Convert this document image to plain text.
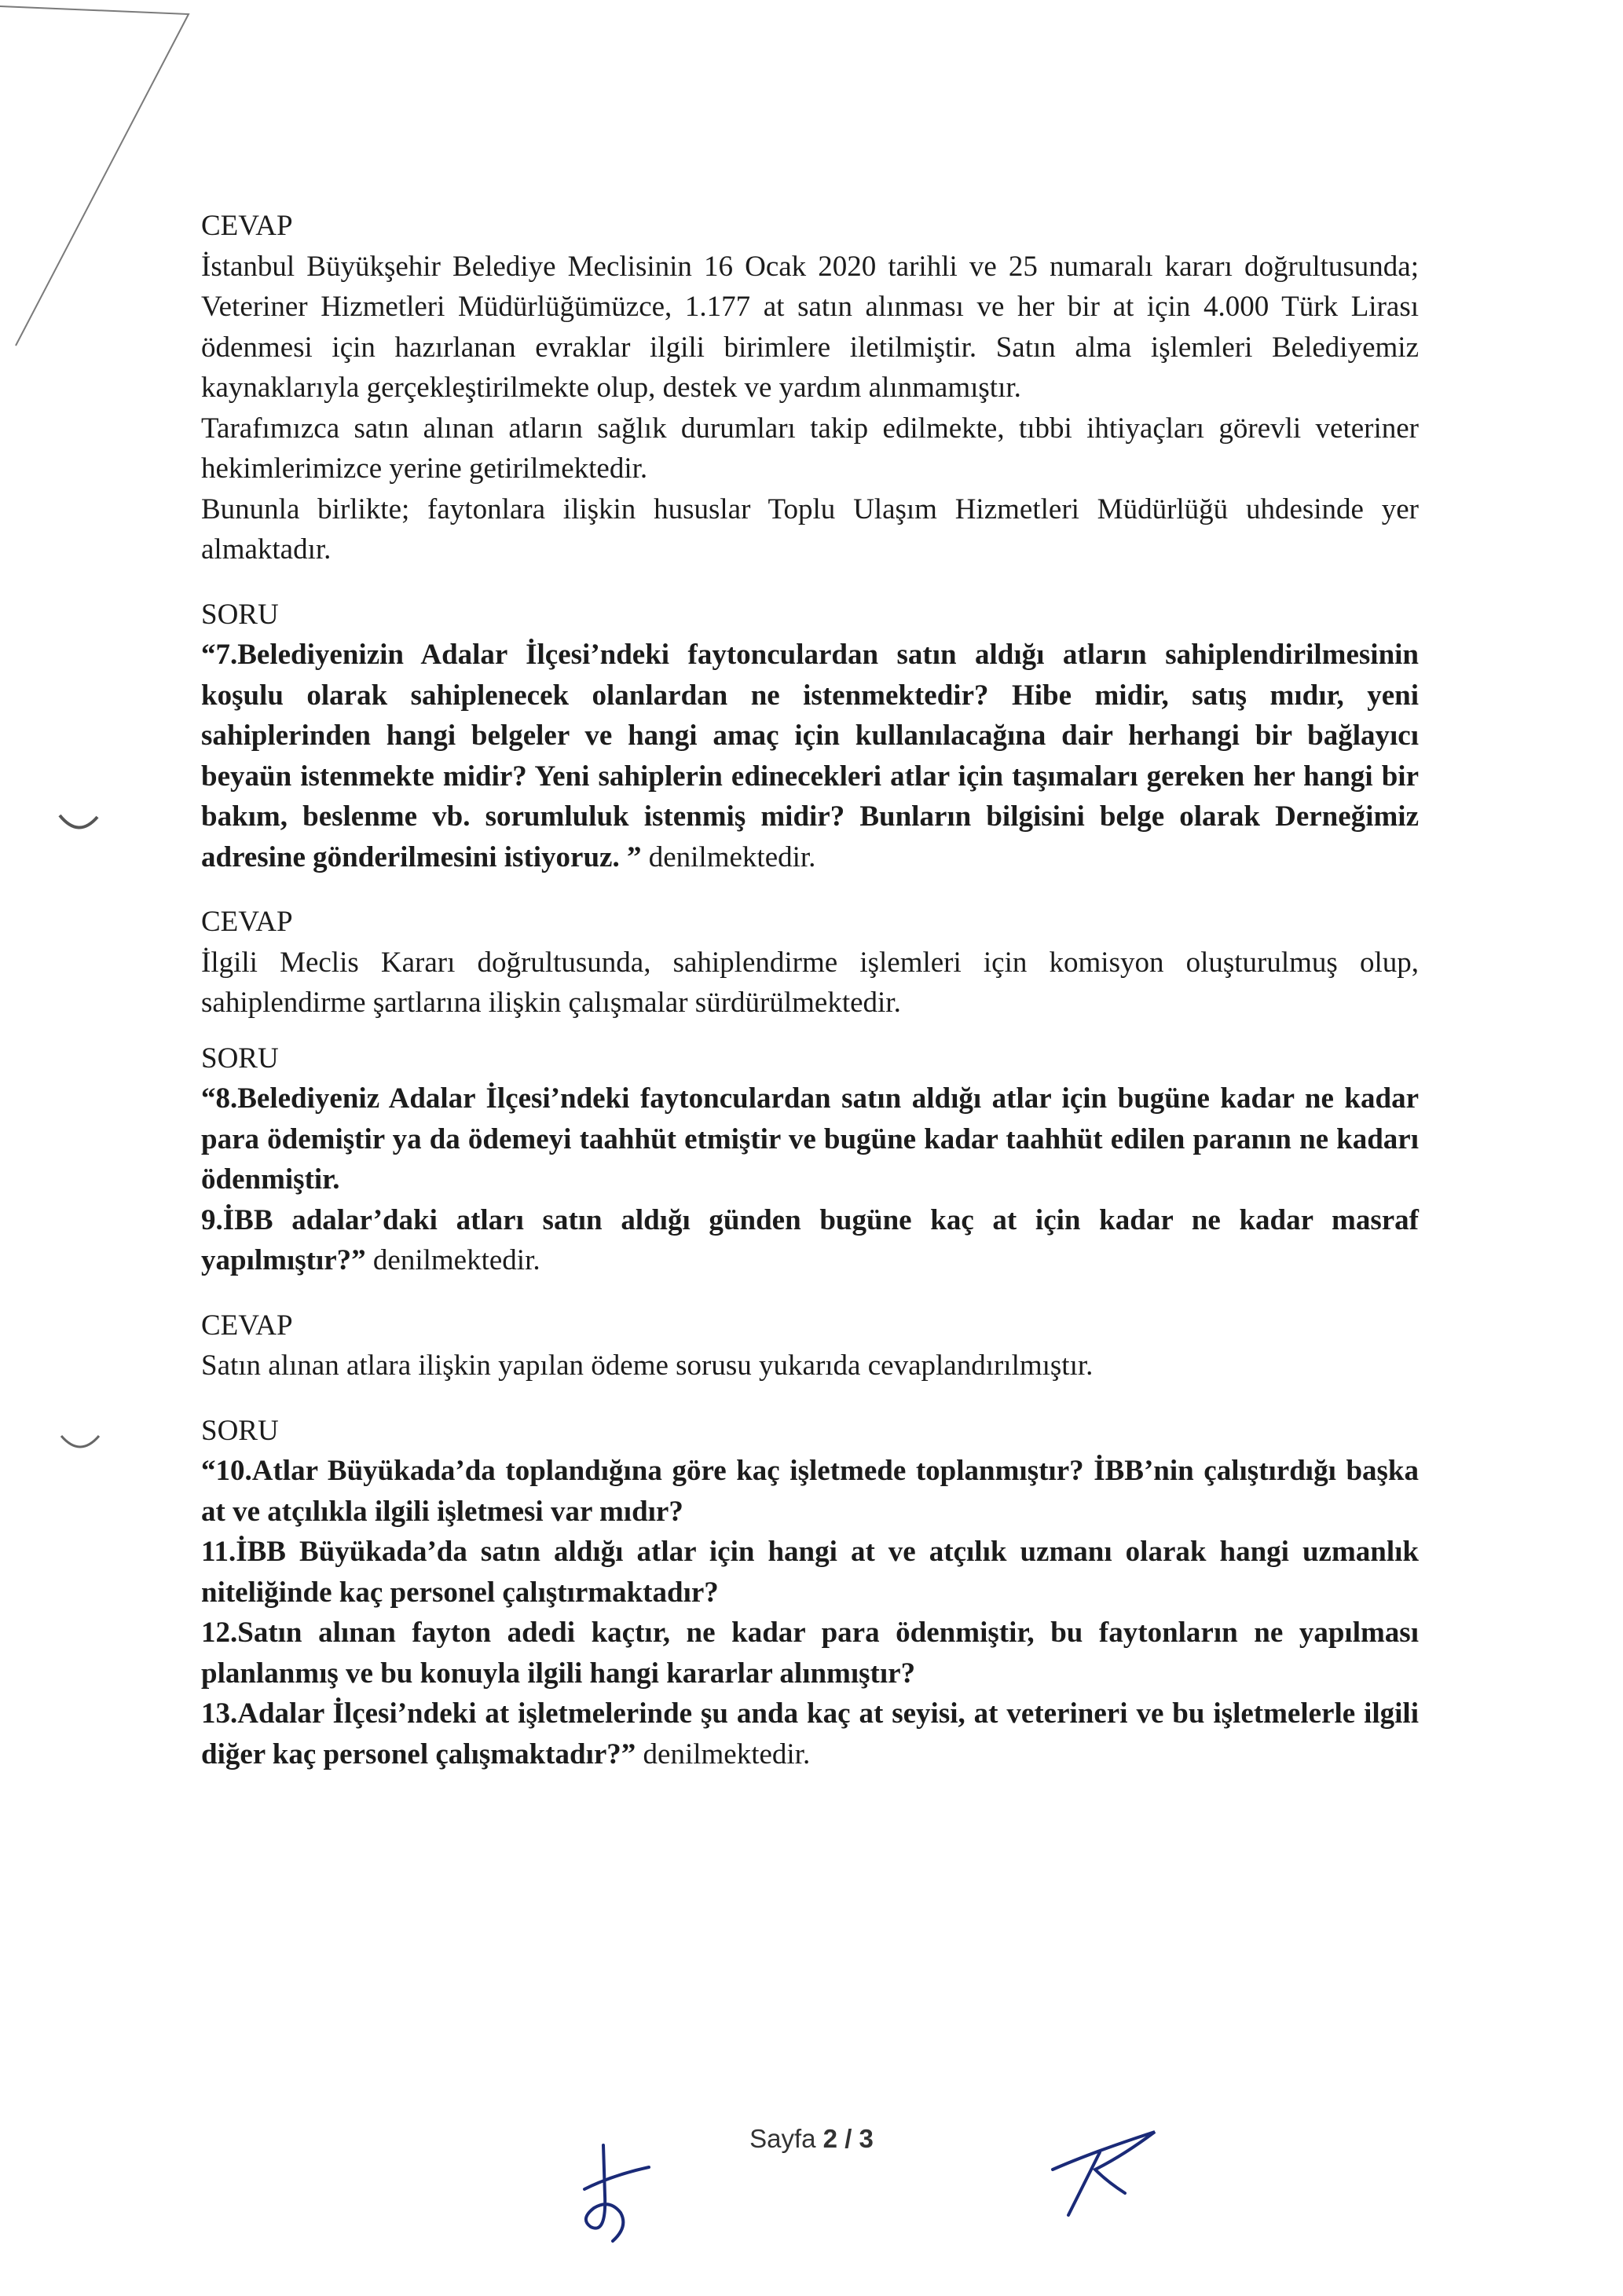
CEVAP

İstanbul Büyükşehir Belediye Meclisinin 16 Ocak 2020 tarihli ve 25 numaralı kararı doğrultusunda; Veteriner Hizmetleri Müdürlüğümüzce, 1.177 at satın alınması ve her bir at için 4.000 Türk Lirası ödenmesi için hazırlanan evraklar ilgili birimlere iletilmiştir. Satın alma işlemleri Belediyemiz kaynaklarıyla gerçekleştirilmekte olup, destek ve yardım alınmamıştır.

Tarafımızca satın alınan atların sağlık durumları takip edilmekte, tıbbi ihtiyaçları görevli veteriner hekimlerimizce yerine getirilmektedir.

Bununla birlikte; faytonlara ilişkin hususlar Toplu Ulaşım Hizmetleri Müdürlüğü uhdesinde yer almaktadır.

SORU

“7.Belediyenizin Adalar İlçesi’ndeki faytonculardan satın aldığı atların sahiplendirilmesinin koşulu olarak sahiplenecek olanlardan ne istenmektedir? Hibe midir, satış mıdır, yeni sahiplerinden hangi belgeler ve hangi amaç için kullanılacağına dair herhangi bir bağlayıcı beyaün istenmekte midir? Yeni sahiplerin edinecekleri atlar için taşımaları gereken her hangi bir bakım, beslenme vb. sorumluluk istenmiş midir? Bunların bilgisini belge olarak Derneğimiz adresine gönderilmesini istiyoruz. ” denilmektedir.

CEVAP

İlgili Meclis Kararı doğrultusunda, sahiplendirme işlemleri için komisyon oluşturulmuş olup, sahiplendirme şartlarına ilişkin çalışmalar sürdürülmektedir.

SORU

“8.Belediyeniz Adalar İlçesi’ndeki faytonculardan satın aldığı atlar için bugüne kadar ne kadar para ödemiştir ya da ödemeyi taahhüt etmiştir ve bugüne kadar taahhüt edilen paranın ne kadarı ödenmiştir.

9.İBB adalar’daki atları satın aldığı günden bugüne kaç at için kadar ne kadar masraf yapılmıştır?” denilmektedir.

CEVAP

Satın alınan atlara ilişkin yapılan ödeme sorusu yukarıda cevaplandırılmıştır.

SORU

“10.Atlar Büyükada’da toplandığına göre kaç işletmede toplanmıştır? İBB’nin çalıştırdığı başka at ve atçılıkla ilgili işletmesi var mıdır?

11.İBB Büyükada’da satın aldığı atlar için hangi at ve atçılık uzmanı olarak hangi uzmanlık niteliğinde kaç personel çalıştırmaktadır?

12.Satın alınan fayton adedi kaçtır, ne kadar para ödenmiştir, bu faytonların ne yapılması planlanmış ve bu konuyla ilgili hangi kararlar alınmıştır?

13.Adalar İlçesi’ndeki at işletmelerinde şu anda kaç at seyisi, at veterineri ve bu işletmelerle ilgili diğer kaç personel çalışmaktadır?” denilmektedir.

Sayfa 2 / 3
